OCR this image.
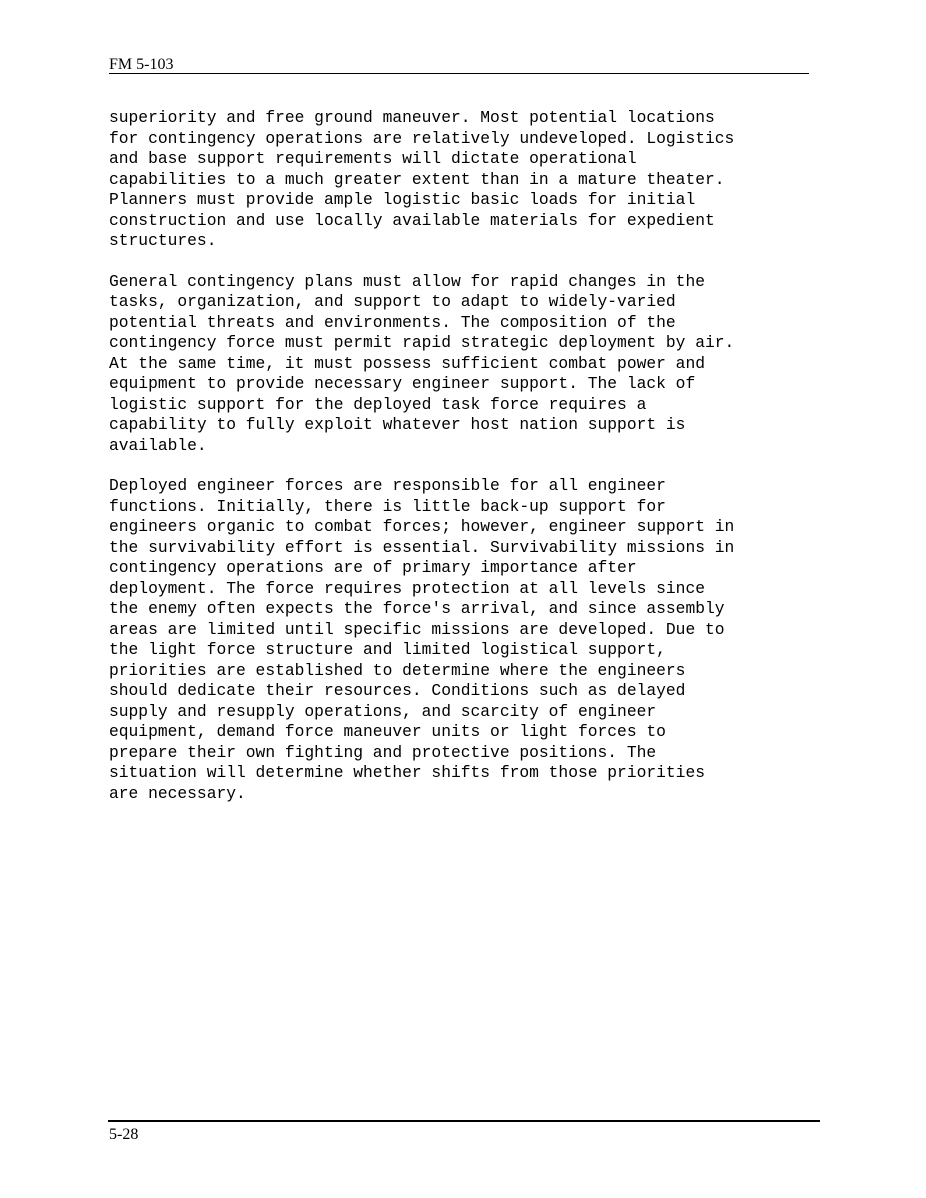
FM 5-103
superiority and free ground maneuver. Most potential locations
for contingency operations are relatively undeveloped. Logistics
and base support requirements will dictate operational
capabilities to a much greater extent than in a mature theater.
Planners must provide ample logistic basic loads for initial
construction and use locally available materials for expedient
structures.
General contingency plans must allow for rapid changes in the
tasks, organization, and support to adapt to widely-varied
potential threats and environments. The composition of the
contingency force must permit rapid strategic deployment by air.
At the same time, it must possess sufficient combat power and
equipment to provide necessary engineer support. The lack of
logistic support for the deployed task force requires a
capability to fully exploit whatever host nation support is
available.
Deployed engineer forces are responsible for all engineer
functions. Initially, there is little back-up support for
engineers organic to combat forces; however, engineer support in
the survivability effort is essential. Survivability missions in
contingency operations are of primary importance after
deployment. The force requires protection at all levels since
the enemy often expects the force's arrival, and since assembly
areas are limited until specific missions are developed. Due to
the light force structure and limited logistical support,
priorities are established to determine where the engineers
should dedicate their resources. Conditions such as delayed
supply and resupply operations, and scarcity of engineer
equipment, demand force maneuver units or light forces to
prepare their own fighting and protective positions. The
situation will determine whether shifts from those priorities
are necessary.
5-28
